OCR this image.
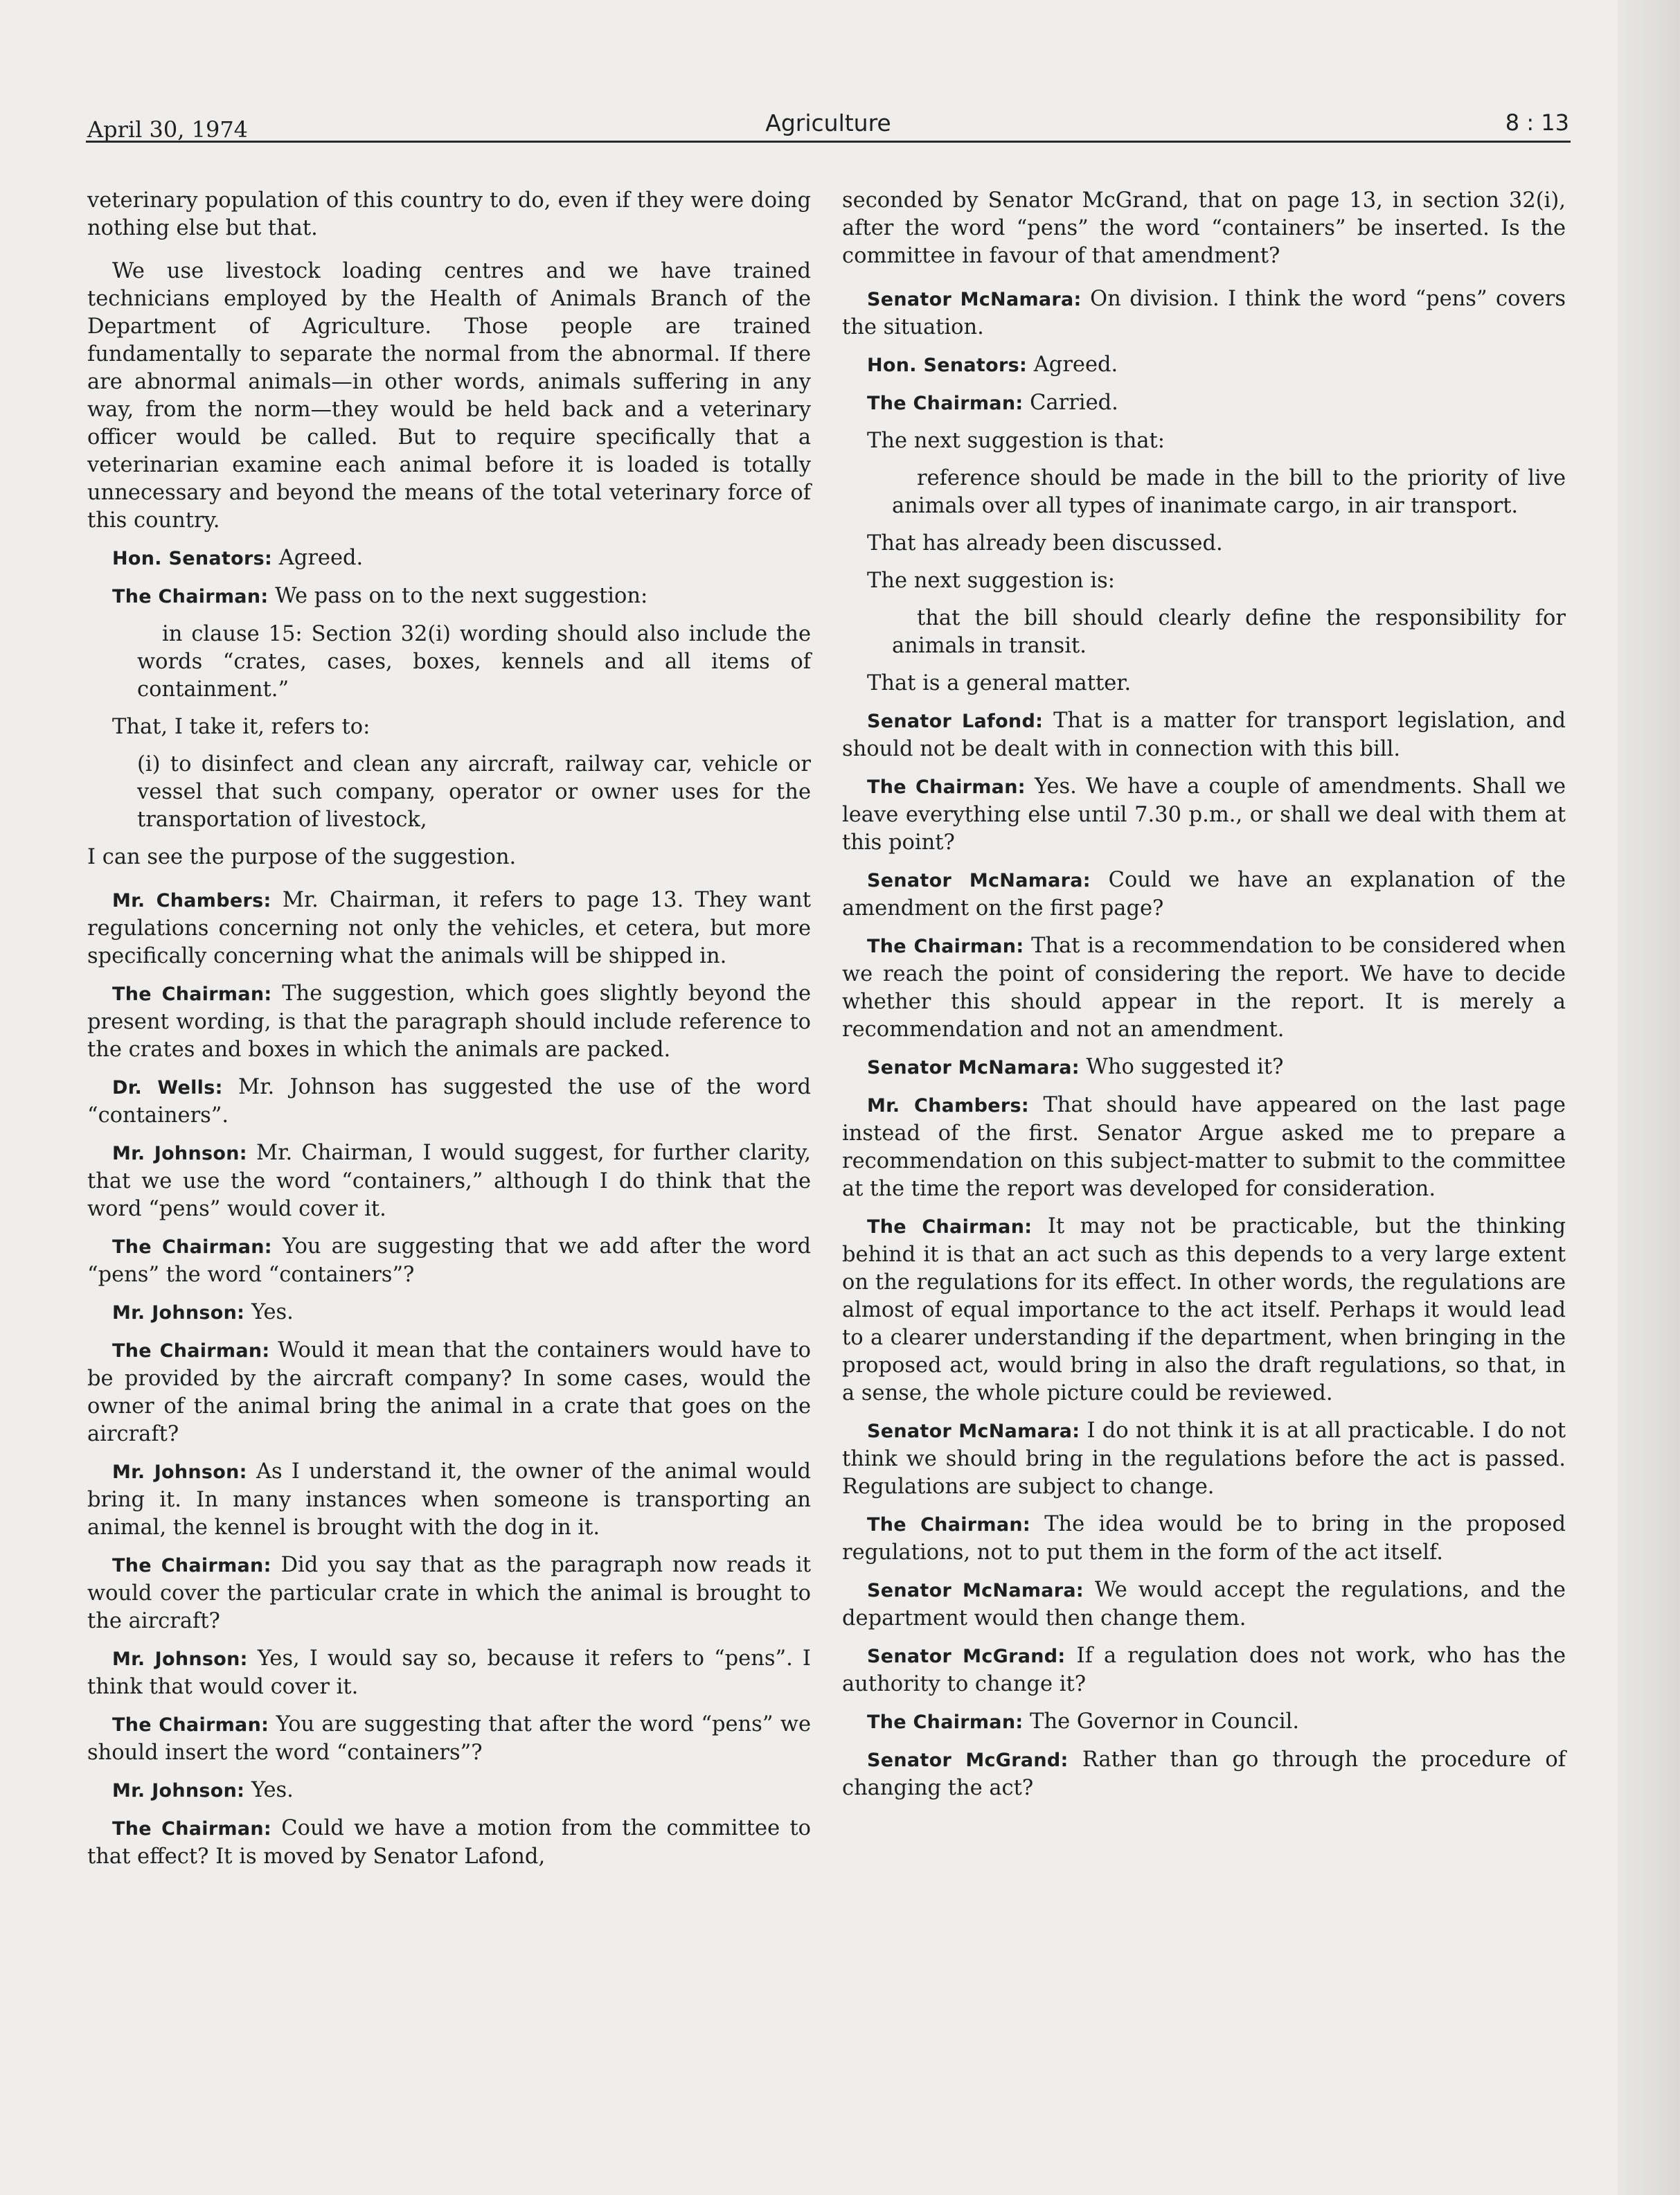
April 30, 1974	Agriculture	8 : 13

veterinary population of this country to do, even if they were doing nothing else but that.

We use livestock loading centres and we have trained technicians employed by the Health of Animals Branch of the Department of Agriculture. Those people are trained fundamentally to separate the normal from the abnormal. If there are abnormal animals—in other words, animals suffering in any way, from the norm—they would be held back and a veterinary officer would be called. But to require specifically that a veterinarian examine each animal before it is loaded is totally unnecessary and beyond the means of the total veterinary force of this country.

Hon. Senators: Agreed.

The Chairman: We pass on to the next suggestion:

in clause 15: Section 32(i) wording should also include the words “crates, cases, boxes, kennels and all items of containment.”

That, I take it, refers to:

(i) to disinfect and clean any aircraft, railway car, vehicle or vessel that such company, operator or owner uses for the transportation of livestock,

I can see the purpose of the suggestion.

Mr. Chambers: Mr. Chairman, it refers to page 13. They want regulations concerning not only the vehicles, et cetera, but more specifically concerning what the animals will be shipped in.

The Chairman: The suggestion, which goes slightly beyond the present wording, is that the paragraph should include reference to the crates and boxes in which the animals are packed.

Dr. Wells: Mr. Johnson has suggested the use of the word “containers”.

Mr. Johnson: Mr. Chairman, I would suggest, for further clarity, that we use the word “containers,” although I do think that the word “pens” would cover it.

The Chairman: You are suggesting that we add after the word “pens” the word “containers”?

Mr. Johnson: Yes.

The Chairman: Would it mean that the containers would have to be provided by the aircraft company? In some cases, would the owner of the animal bring the animal in a crate that goes on the aircraft?

Mr. Johnson: As I understand it, the owner of the animal would bring it. In many instances when someone is transporting an animal, the kennel is brought with the dog in it.

The Chairman: Did you say that as the paragraph now reads it would cover the particular crate in which the animal is brought to the aircraft?

Mr. Johnson: Yes, I would say so, because it refers to “pens”. I think that would cover it.

The Chairman: You are suggesting that after the word “pens” we should insert the word “containers”?

Mr. Johnson: Yes.

The Chairman: Could we have a motion from the committee to that effect? It is moved by Senator Lafond,

seconded by Senator McGrand, that on page 13, in section 32(i), after the word “pens” the word “containers” be inserted. Is the committee in favour of that amendment?

Senator McNamara: On division. I think the word “pens” covers the situation.

Hon. Senators: Agreed.

The Chairman: Carried.

The next suggestion is that:

reference should be made in the bill to the priority of live animals over all types of inanimate cargo, in air transport.

That has already been discussed.

The next suggestion is:

that the bill should clearly define the responsibility for animals in transit.

That is a general matter.

Senator Lafond: That is a matter for transport legislation, and should not be dealt with in connection with this bill.

The Chairman: Yes. We have a couple of amendments. Shall we leave everything else until 7.30 p.m., or shall we deal with them at this point?

Senator McNamara: Could we have an explanation of the amendment on the first page?

The Chairman: That is a recommendation to be considered when we reach the point of considering the report. We have to decide whether this should appear in the report. It is merely a recommendation and not an amendment.

Senator McNamara: Who suggested it?

Mr. Chambers: That should have appeared on the last page instead of the first. Senator Argue asked me to prepare a recommendation on this subject-matter to submit to the committee at the time the report was developed for consideration.

The Chairman: It may not be practicable, but the thinking behind it is that an act such as this depends to a very large extent on the regulations for its effect. In other words, the regulations are almost of equal importance to the act itself. Perhaps it would lead to a clearer understanding if the department, when bringing in the proposed act, would bring in also the draft regulations, so that, in a sense, the whole picture could be reviewed.

Senator McNamara: I do not think it is at all practicable. I do not think we should bring in the regulations before the act is passed. Regulations are subject to change.

The Chairman: The idea would be to bring in the proposed regulations, not to put them in the form of the act itself.

Senator McNamara: We would accept the regulations, and the department would then change them.

Senator McGrand: If a regulation does not work, who has the authority to change it?

The Chairman: The Governor in Council.

Senator McGrand: Rather than go through the procedure of changing the act?
